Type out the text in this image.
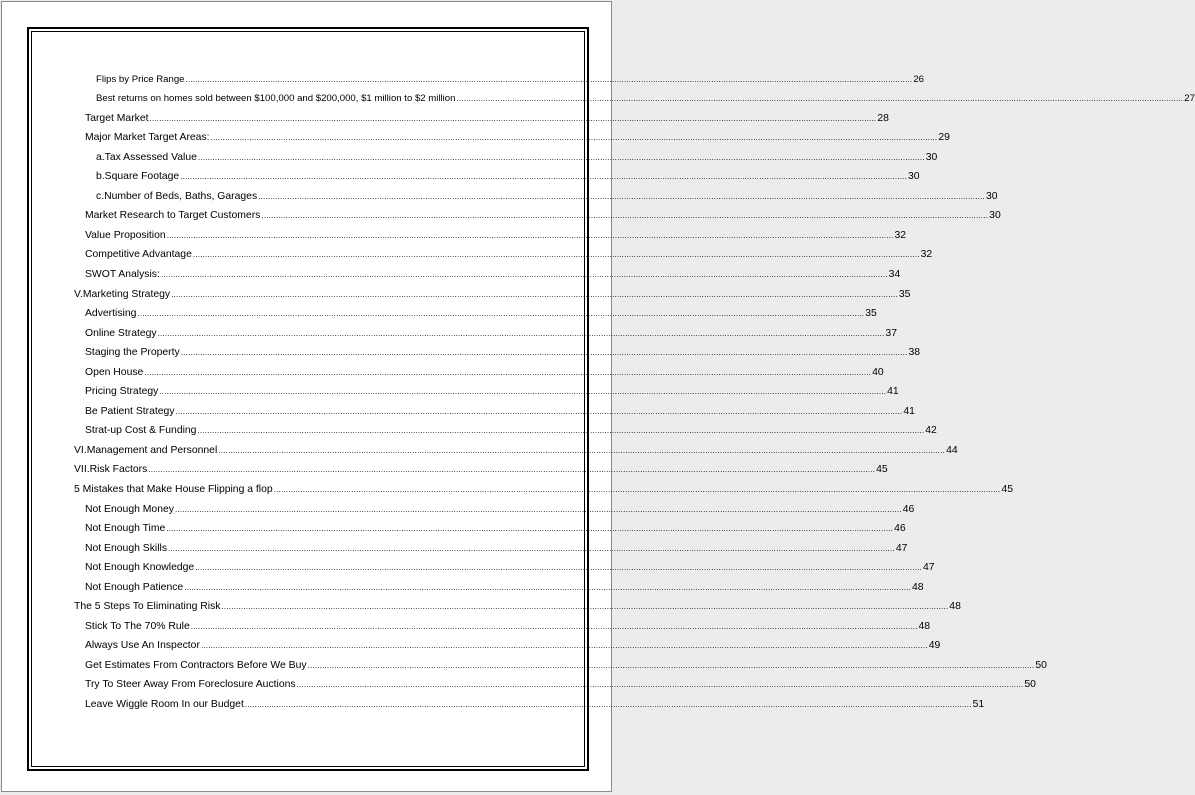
Flips by Price Range ............................................................................................................................................................................................................................................................................................................ 26
Best returns on homes sold between $100,000 and $200,000, $1 million to $2 million ............................................................................................................................................................................................................................................................................................................ 27
Target Market ............................................................................................................................................................................................................................................................................................................ 28
Major Market Target Areas: ............................................................................................................................................................................................................................................................................................................ 29
a. Tax Assessed Value ............................................................................................................................................................................................................................................................................................................ 30
b. Square Footage ............................................................................................................................................................................................................................................................................................................ 30
c. Number of Beds, Baths, Garages ............................................................................................................................................................................................................................................................................................................ 30
Market Research to Target Customers ............................................................................................................................................................................................................................................................................................................ 30
Value Proposition ............................................................................................................................................................................................................................................................................................................ 32
Competitive Advantage ............................................................................................................................................................................................................................................................................................................ 32
SWOT Analysis: ............................................................................................................................................................................................................................................................................................................ 34
V. Marketing Strategy ............................................................................................................................................................................................................................................................................................................ 35
Advertising ............................................................................................................................................................................................................................................................................................................ 35
Online Strategy ............................................................................................................................................................................................................................................................................................................ 37
Staging the Property ............................................................................................................................................................................................................................................................................................................ 38
Open House ............................................................................................................................................................................................................................................................................................................ 40
Pricing Strategy ............................................................................................................................................................................................................................................................................................................ 41
Be Patient Strategy ............................................................................................................................................................................................................................................................................................................ 41
Strat-up Cost & Funding ............................................................................................................................................................................................................................................................................................................ 42
VI. Management and Personnel ............................................................................................................................................................................................................................................................................................................ 44
VII. Risk Factors ............................................................................................................................................................................................................................................................................................................ 45
5 Mistakes that Make House Flipping a flop ............................................................................................................................................................................................................................................................................................................ 45
Not Enough Money ............................................................................................................................................................................................................................................................................................................ 46
Not Enough Time ............................................................................................................................................................................................................................................................................................................ 46
Not Enough Skills ............................................................................................................................................................................................................................................................................................................ 47
Not Enough Knowledge ............................................................................................................................................................................................................................................................................................................ 47
Not Enough Patience ............................................................................................................................................................................................................................................................................................................ 48
The 5 Steps To Eliminating Risk ............................................................................................................................................................................................................................................................................................................ 48
Stick To The 70% Rule ............................................................................................................................................................................................................................................................................................................ 48
Always Use An Inspector ............................................................................................................................................................................................................................................................................................................ 49
Get Estimates From Contractors Before We Buy ............................................................................................................................................................................................................................................................................................................ 50
Try To Steer Away From Foreclosure Auctions ............................................................................................................................................................................................................................................................................................................ 50
Leave Wiggle Room In our Budget ............................................................................................................................................................................................................................................................................................................ 51
